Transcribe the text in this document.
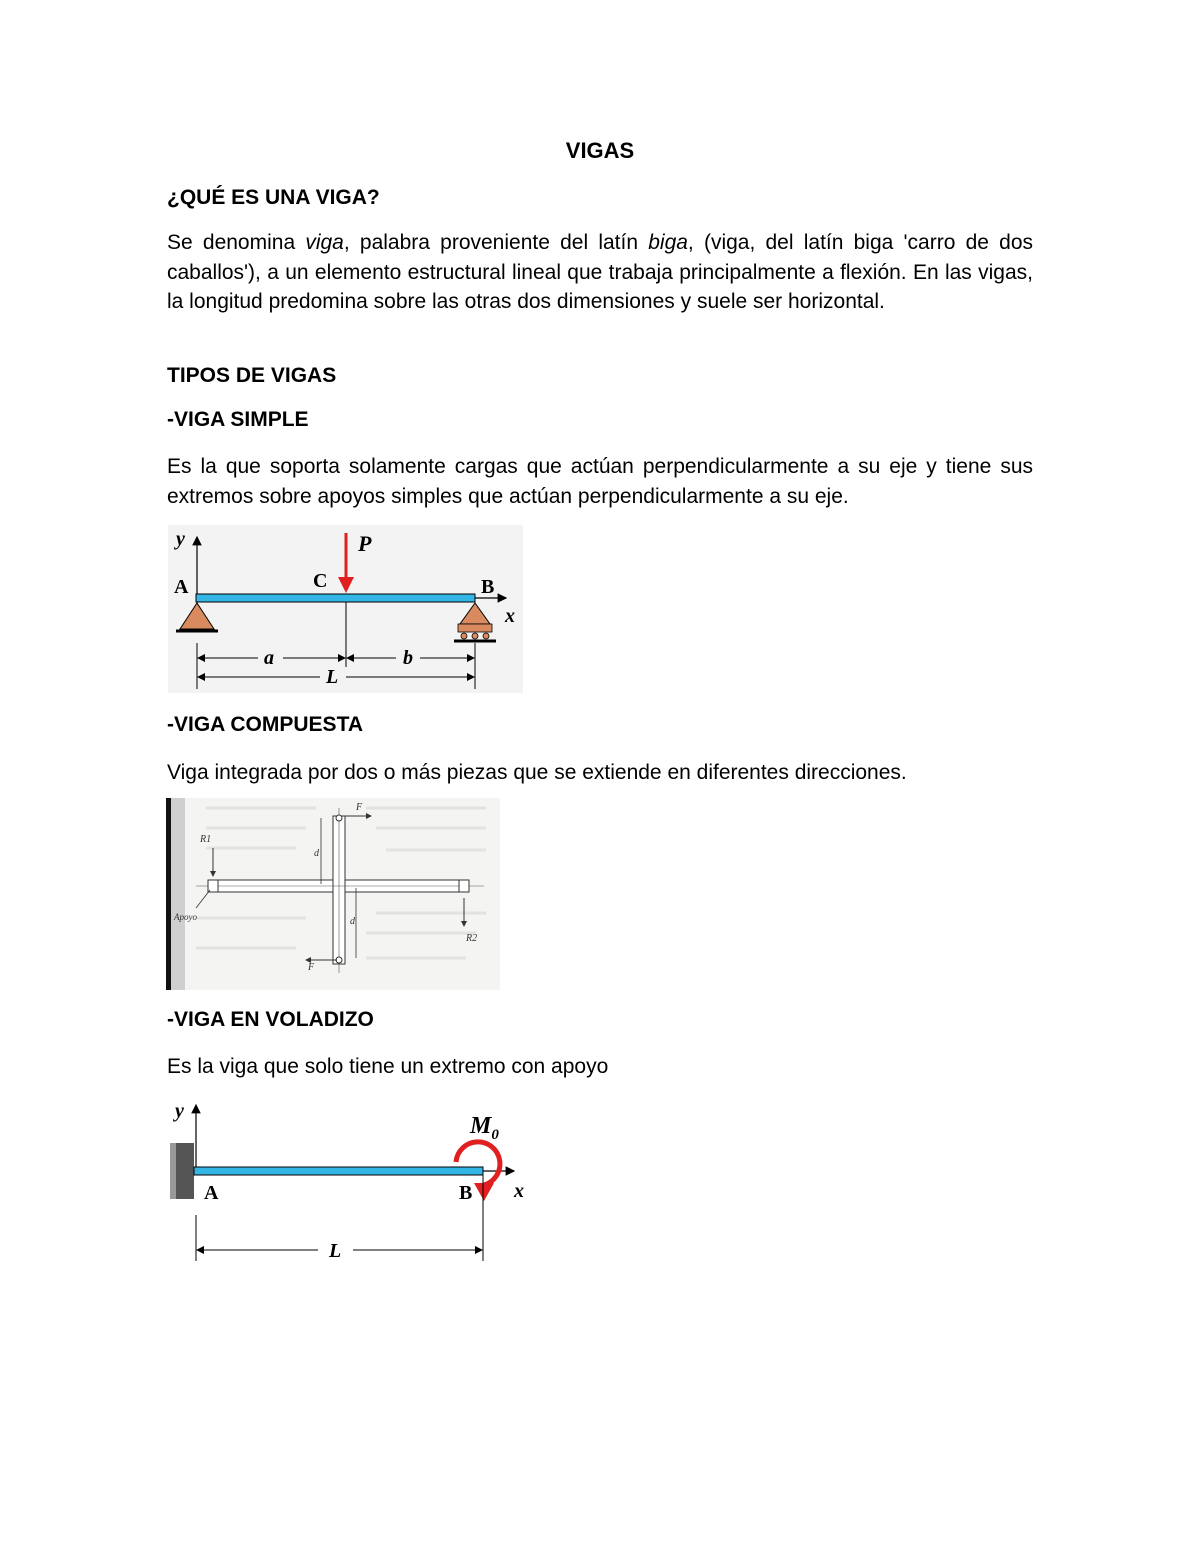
VIGAS
¿QUÉ ES UNA VIGA?
Se denomina viga, palabra proveniente del latín biga, (viga, del latín biga 'carro de dos caballos'), a un elemento estructural lineal que trabaja principalmente a flexión. En las vigas, la longitud predomina sobre las otras dos dimensiones y suele ser horizontal.
TIPOS DE VIGAS
-VIGA SIMPLE
Es la que soporta solamente cargas que actúan perpendicularmente a su eje y tiene sus extremos sobre apoyos simples que actúan perpendicularmente a su eje.
y
x
P
A	C	B
a	b
L
-VIGA COMPUESTA
Viga integrada por dos o más piezas que se extiende en diferentes direcciones.
R1
R2
F
F
d
d
Apoyo
-VIGA EN VOLADIZO
Es la viga que solo tiene un extremo con apoyo
y
x
A	B
$M_0$
L
